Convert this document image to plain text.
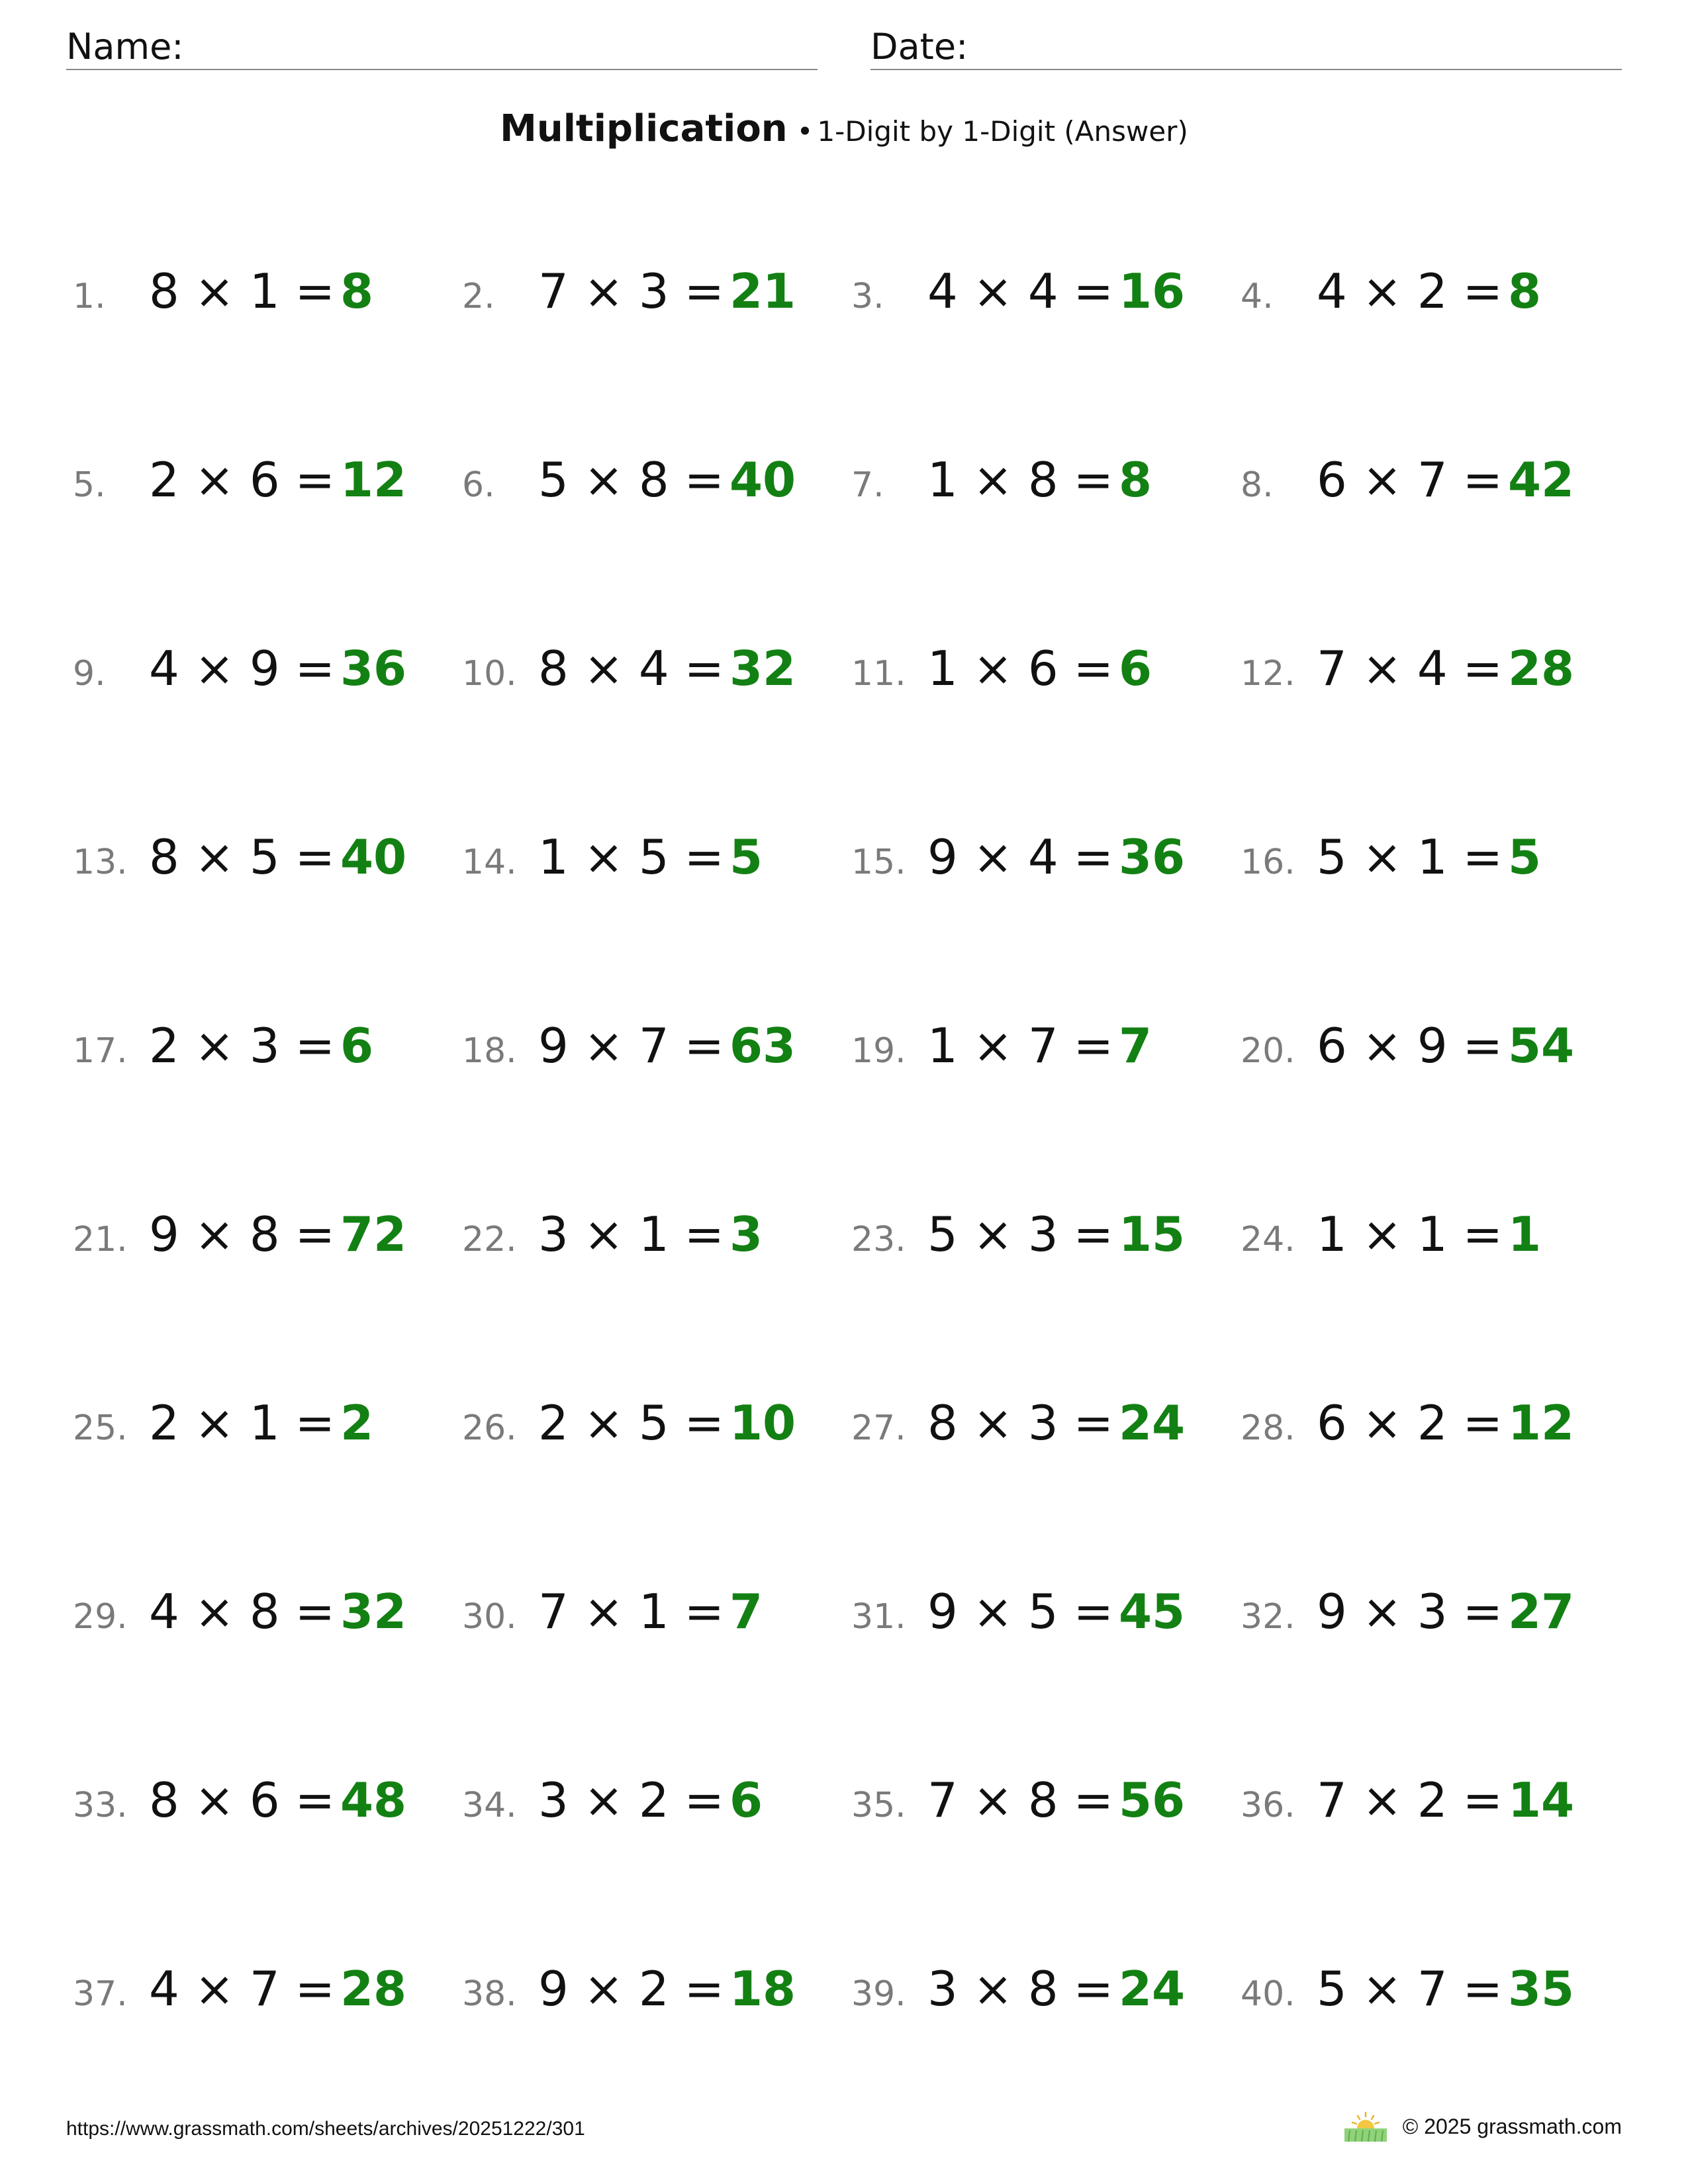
Name:	Date:
Multiplication • 1-Digit by 1-Digit (Answer)
1. 8 × 1 = 8	2. 7 × 3 = 21 3. 4 × 4 = 16 4. 4 × 2 = 8
5. 2 × 6 = 12 6. 5 × 8 = 40 7. 1 × 8 = 8	8. 6 × 7 = 42
9. 4 × 9 = 36 10. 8 × 4 = 32 11. 1 × 6 = 6	12. 7 × 4 = 28
13. 8 × 5 = 40 14. 1 × 5 = 5	15. 9 × 4 = 36 16. 5 × 1 = 5
17. 2 × 3 = 6	18. 9 × 7 = 63 19. 1 × 7 = 7	20. 6 × 9 = 54
21. 9 × 8 = 72 22. 3 × 1 = 3	23. 5 × 3 = 15 24. 1 × 1 = 1
25. 2 × 1 = 2	26. 2 × 5 = 10 27. 8 × 3 = 24 28. 6 × 2 = 12
29. 4 × 8 = 32 30. 7 × 1 = 7	31. 9 × 5 = 45 32. 9 × 3 = 27
33. 8 × 6 = 48 34. 3 × 2 = 6	35. 7 × 8 = 56 36. 7 × 2 = 14
37. 4 × 7 = 28 38. 9 × 2 = 18 39. 3 × 8 = 24 40. 5 × 7 = 35
https://www.grassmath.com/sheets/archives/20251222/301	© 2025 grassmath.com
